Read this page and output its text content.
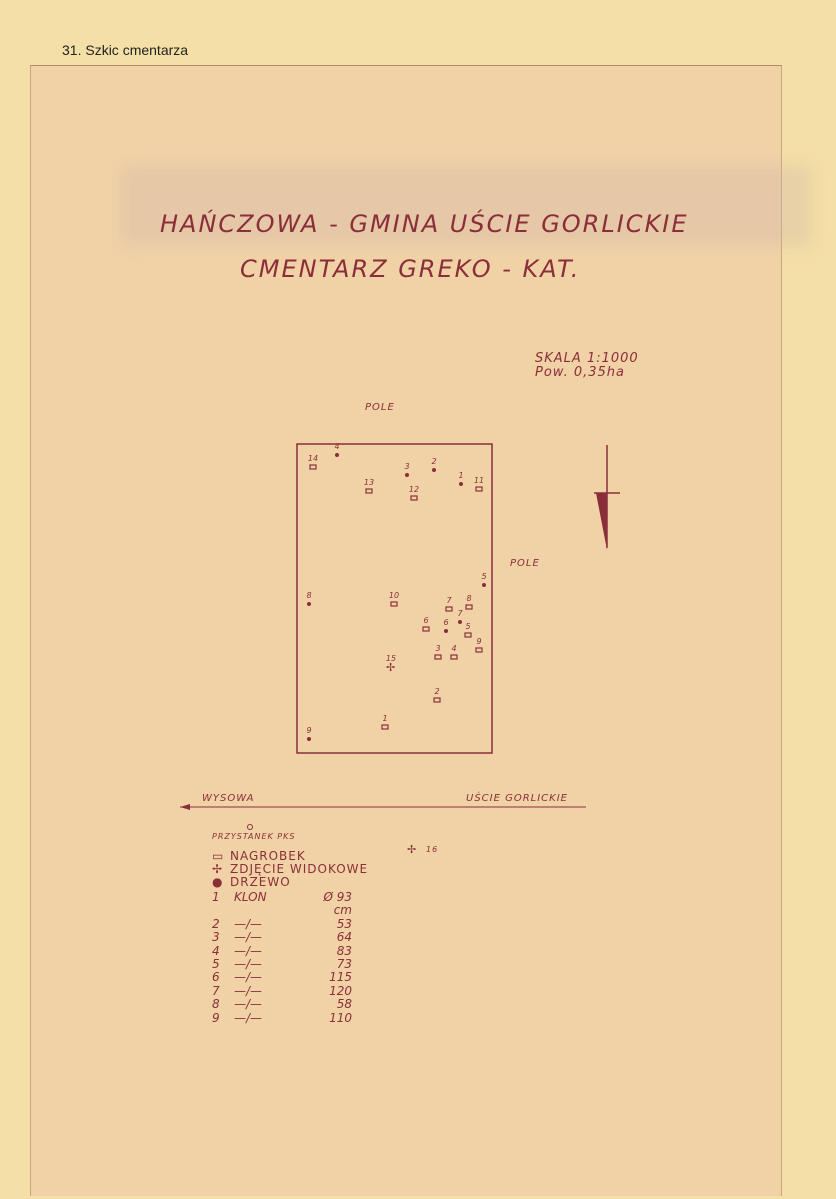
31. Szkic cmentarza
HAŃCZOWA - GMINA UŚCIE GORLICKIE
CMENTARZ GREKO - KAT.
SKALA 1:1000
Pow. 0,35ha
POLE
POLE
✢
✢
WYSOWA	UŚCIE GORLICKIE
PRZYSTANEK PKS
16
▭ NAGROBEK
✢ ZDJĘCIE WIDOKOWE
● DRZEWO
1	KLON	Ø 93 cm
2	—/—	53
3	—/—	64
4	—/—	83
5	—/—	73
6	—/—	115
7	—/—	120
8	—/—	58
9	—/—	110
14
4
3
2
1
11
13
12
5
8	10
7 8
6 6
7
5
9
3 4
15
2
1
9
